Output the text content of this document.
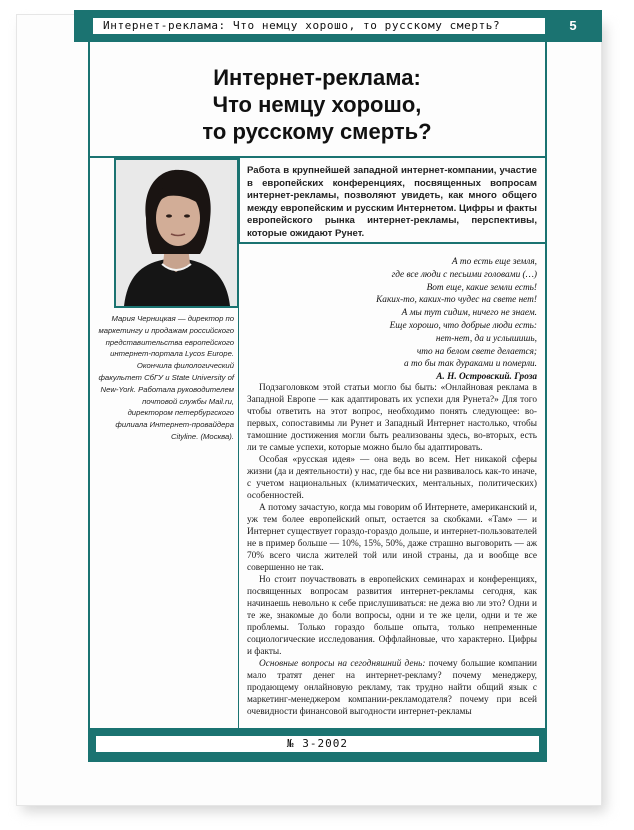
Интернет-реклама: Что немцу хорошо, то русскому смерть?	5
Интернет-реклама:
Что немцу хорошо,
то русскому смерть?
Работа в крупнейшей западной интернет-компании, участие в европейских конференциях, посвященных вопросам интернет-рекламы, позволяют увидеть, как много общего между европейским и русским Интернетом. Цифры и факты европейского рынка интернет-рекламы, перспективы, которые ожидают Рунет.
Мария Черницкая — директор по маркетингу и продажам российского представительства европейского интернет-портала Lycos Europe. Окончила филологический факультет СбГУ и State University of New-York. Работала руководителем почтовой службы Mail.ru, директором петербургского филиала Интернет-провайдера Cityline. (Москва).
А то есть еще земля,
где все люди с песьими головами (…)
Вот еще, какие земли есть!
Каких-то, каких-то чудес на свете нет!
А мы тут сидим, ничего не знаем.
Еще хорошо, что добрые люди есть:
нет-нет, да и услышишь,
что на белом свете делается;
а то бы так дураками и померли.
А. Н. Островский. Гроза

Подзаголовком этой статьи могло бы быть: «Онлайновая реклама в Западной Европе — как адаптировать их успехи для Рунета?» Для того чтобы ответить на этот вопрос, необходимо понять следующее: во-первых, сопоставимы ли Рунет и Западный Интернет настолько, чтобы тамошние достижения могли быть реализованы здесь, во-вторых, есть ли те самые успехи, которые можно было бы адаптировать.

Особая «русская идея» — она ведь во всем. Нет никакой сферы жизни (да и деятельности) у нас, где бы все ни развивалось как-то иначе, с учетом национальных (климатических, ментальных, политических) особенностей.

А потому зачастую, когда мы говорим об Интернете, американский и, уж тем более европейский опыт, остается за скобками. «Там» — и Интернет существует гораздо-гораздо дольше, и интернет-пользователей не в пример больше — 10%, 15%, 50%, даже страшно выговорить — аж 70% всего числа жителей той или иной страны, да и вообще все совершенно не так.

Но стоит поучаствовать в европейских семинарах и конференциях, посвященных вопросам развития интернет-рекламы сегодня, как начинаешь невольно к себе прислушиваться: не дежа вю ли это? Одни и те же, знакомые до боли вопросы, одни и те же цели, одни и те же проблемы. Только гораздо больше опыта, только непременные социологические исследования. Оффлайновые, что характерно. Цифры и факты.

Основные вопросы на сегодняшний день: почему большие компании мало тратят денег на интернет-рекламу? почему менеджеру, продающему онлайновую рекламу, так трудно найти общий язык с маркетинг-менеджером компании-рекламодателя? почему при всей очевидности финансовой выгодности интернет-рекламы

№ 3-2002
